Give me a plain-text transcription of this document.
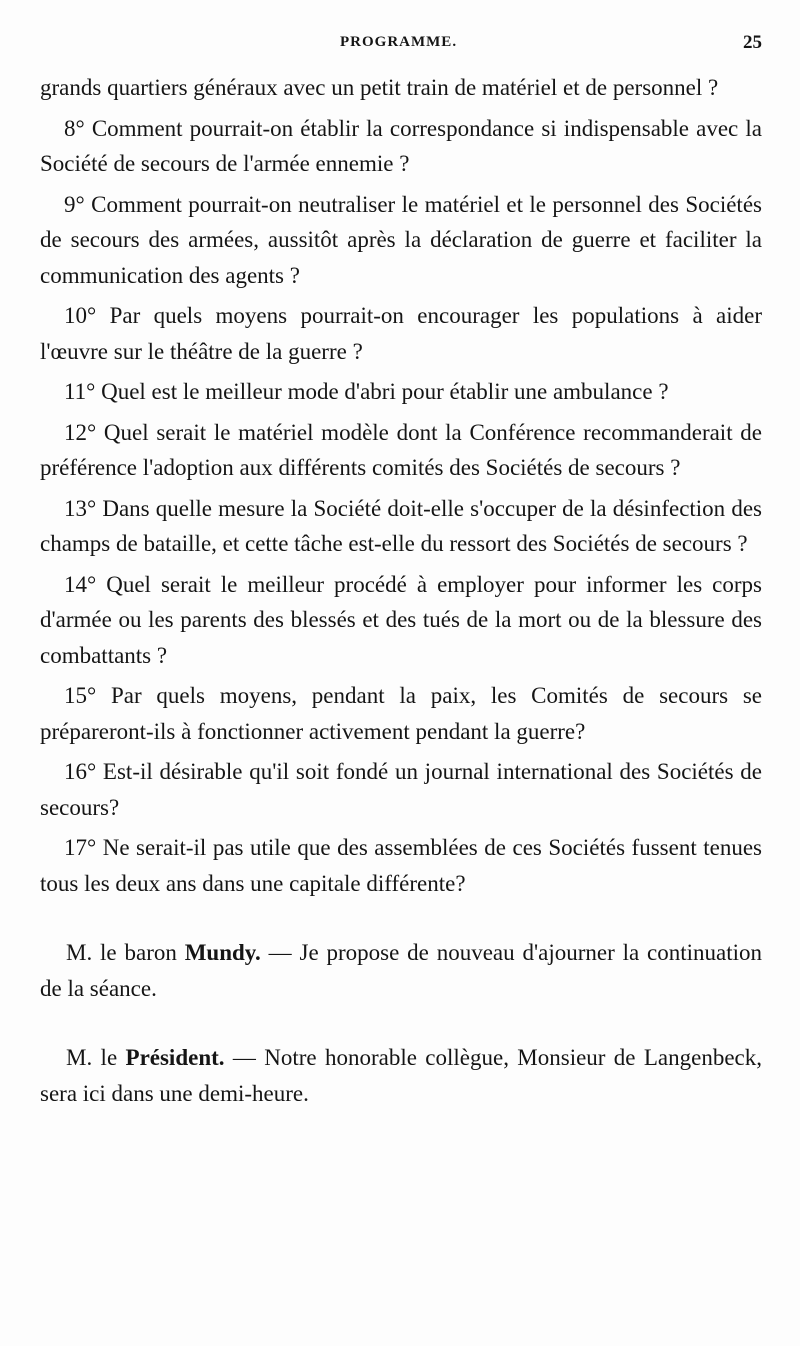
PROGRAMME.	25

grands quartiers généraux avec un petit train de matériel et de personnel ?

8° Comment pourrait-on établir la correspondance si indispensable avec la Société de secours de l'armée ennemie ?

9° Comment pourrait-on neutraliser le matériel et le personnel des Sociétés de secours des armées, aussitôt après la déclaration de guerre et faciliter la communication des agents ?

10° Par quels moyens pourrait-on encourager les populations à aider l'œuvre sur le théâtre de la guerre ?

11° Quel est le meilleur mode d'abri pour établir une ambulance ?

12° Quel serait le matériel modèle dont la Conférence recommanderait de préférence l'adoption aux différents comités des Sociétés de secours ?

13° Dans quelle mesure la Société doit-elle s'occuper de la désinfection des champs de bataille, et cette tâche est-elle du ressort des Sociétés de secours ?

14° Quel serait le meilleur procédé à employer pour informer les corps d'armée ou les parents des blessés et des tués de la mort ou de la blessure des combattants ?

15° Par quels moyens, pendant la paix, les Comités de secours se prépareront-ils à fonctionner activement pendant la guerre?

16° Est-il désirable qu'il soit fondé un journal international des Sociétés de secours?

17° Ne serait-il pas utile que des assemblées de ces Sociétés fussent tenues tous les deux ans dans une capitale différente?

M. le baron Mundy. — Je propose de nouveau d'ajourner la continuation de la séance.

M. le Président. — Notre honorable collègue, Monsieur de Langenbeck, sera ici dans une demi-heure.
